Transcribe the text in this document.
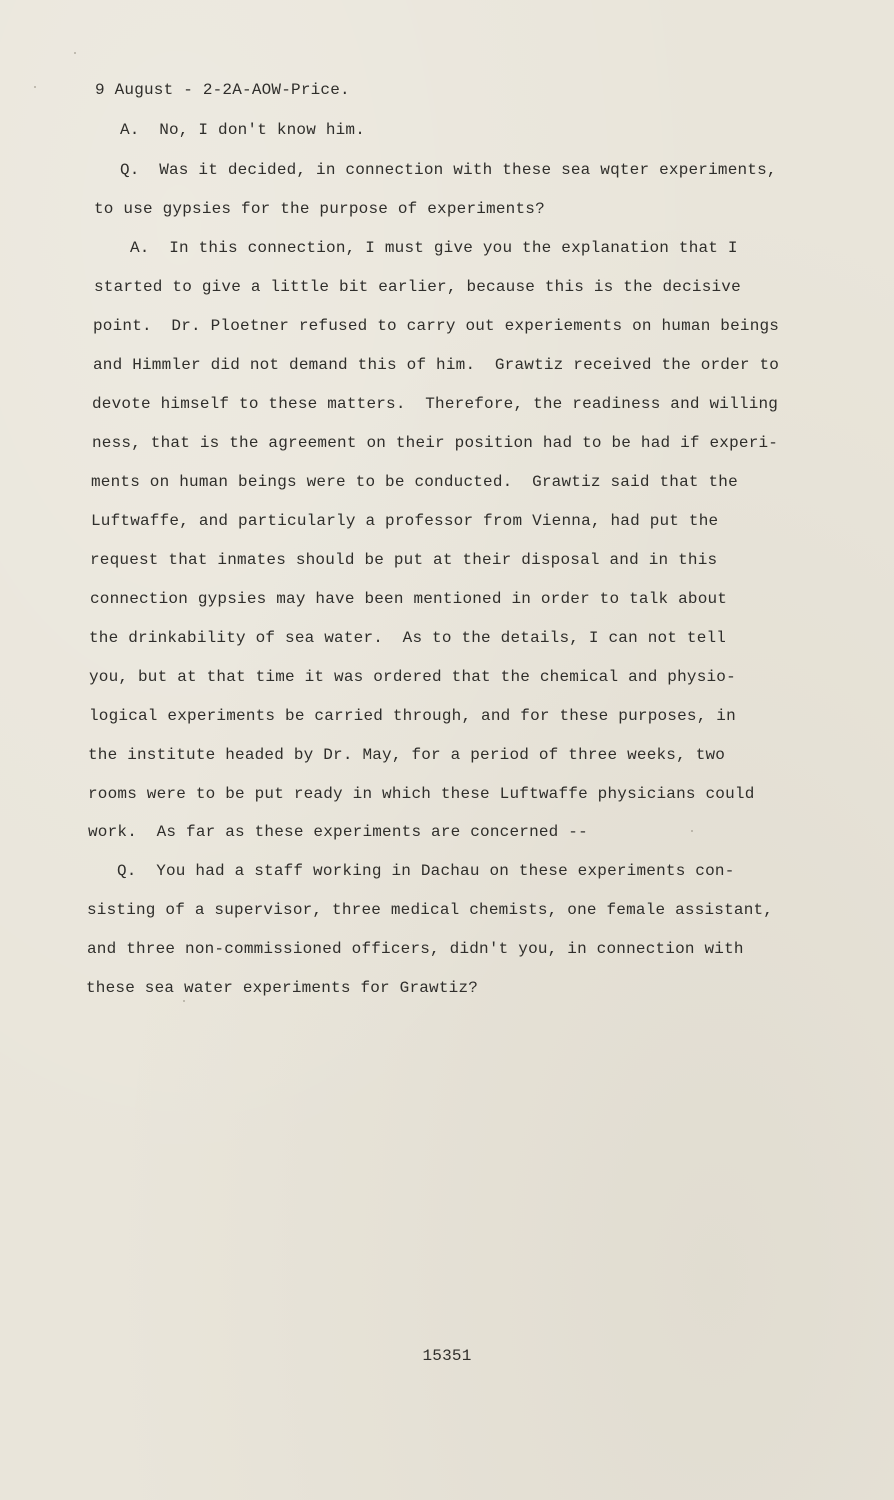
9 August - 2-2A-AOW-Price.
A.  No, I don't know him.
Q.  Was it decided, in connection with these sea wqter experiments,
to use gypsies for the purpose of experiments?
A.  In this connection, I must give you the explanation that I
started to give a little bit earlier, because this is the decisive
point.  Dr. Ploetner refused to carry out experiements on human beings
and Himmler did not demand this of him.  Grawtiz received the order to
devote himself to these matters.  Therefore, the readiness and willing
ness, that is the agreement on their position had to be had if experi-
ments on human beings were to be conducted.  Grawtiz said that the
Luftwaffe, and particularly a professor from Vienna, had put the
request that inmates should be put at their disposal and in this
connection gypsies may have been mentioned in order to talk about
the drinkability of sea water.  As to the details, I can not tell
you, but at that time it was ordered that the chemical and physio-
logical experiments be carried through, and for these purposes, in
the institute headed by Dr. May, for a period of three weeks, two
rooms were to be put ready in which these Luftwaffe physicians could
work.  As far as these experiments are concerned --
Q.  You had a staff working in Dachau on these experiments con-
sisting of a supervisor, three medical chemists, one female assistant,
and three non-commissioned officers, didn't you, in connection with
these sea water experiments for Grawtiz?
15351
